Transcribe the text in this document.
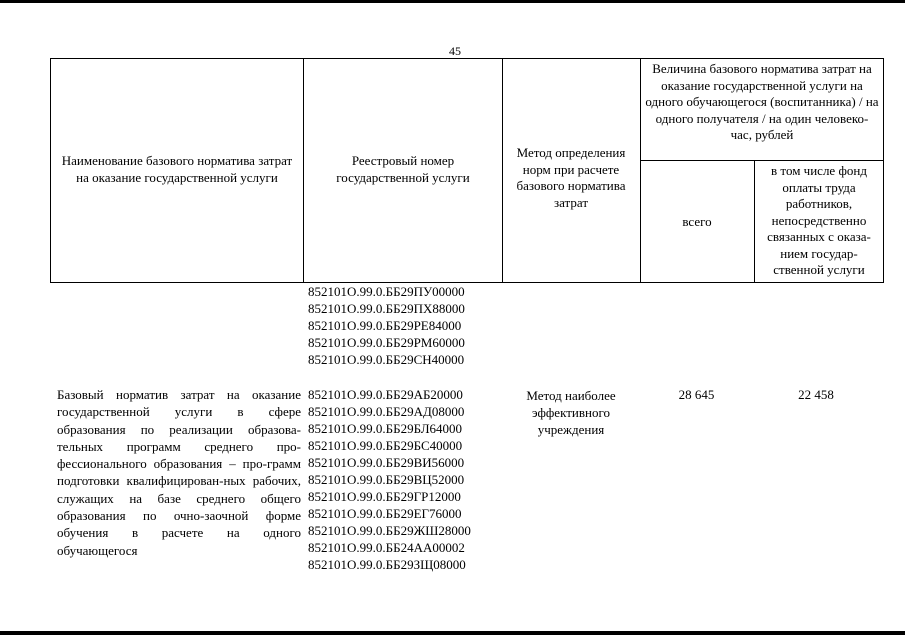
45
Наименование базового норматива затрат на оказание государственной услуги
Реестровый номер государственной услуги
Метод определения норм при расчете базового норматива затрат
Величина базового норматива затрат на оказание государственной услуги на одного обучающегося (воспитанника) / на одного получателя / на один человеко-час, рублей
всего
в том числе фонд оплаты труда работников, непосредственно связанных с оказа-нием государ-ственной услуги
852101О.99.0.ББ29ПУ00000
852101О.99.0.ББ29ПХ88000
852101О.99.0.ББ29РЕ84000
852101О.99.0.ББ29РМ60000
852101О.99.0.ББ29СН40000
Базовый норматив затрат на оказание государственной услуги в сфере образования по реализации образова-тельных программ среднего про-фессионального образования – про-грамм подготовки квалифицирован-ных рабочих, служащих на базе среднего общего образования по очно-заочной форме обучения в расчете на одного обучающегося
852101О.99.0.ББ29АБ20000
852101О.99.0.ББ29АД08000
852101О.99.0.ББ29БЛ64000
852101О.99.0.ББ29БС40000
852101О.99.0.ББ29ВИ56000
852101О.99.0.ББ29ВЦ52000
852101О.99.0.ББ29ГР12000
852101О.99.0.ББ29ЕГ76000
852101О.99.0.ББ29ЖШ28000
852101О.99.0.ББ24АА00002
852101О.99.0.ББ29ЗЩ08000
Метод наиболее эффективного учреждения
28 645	22 458
